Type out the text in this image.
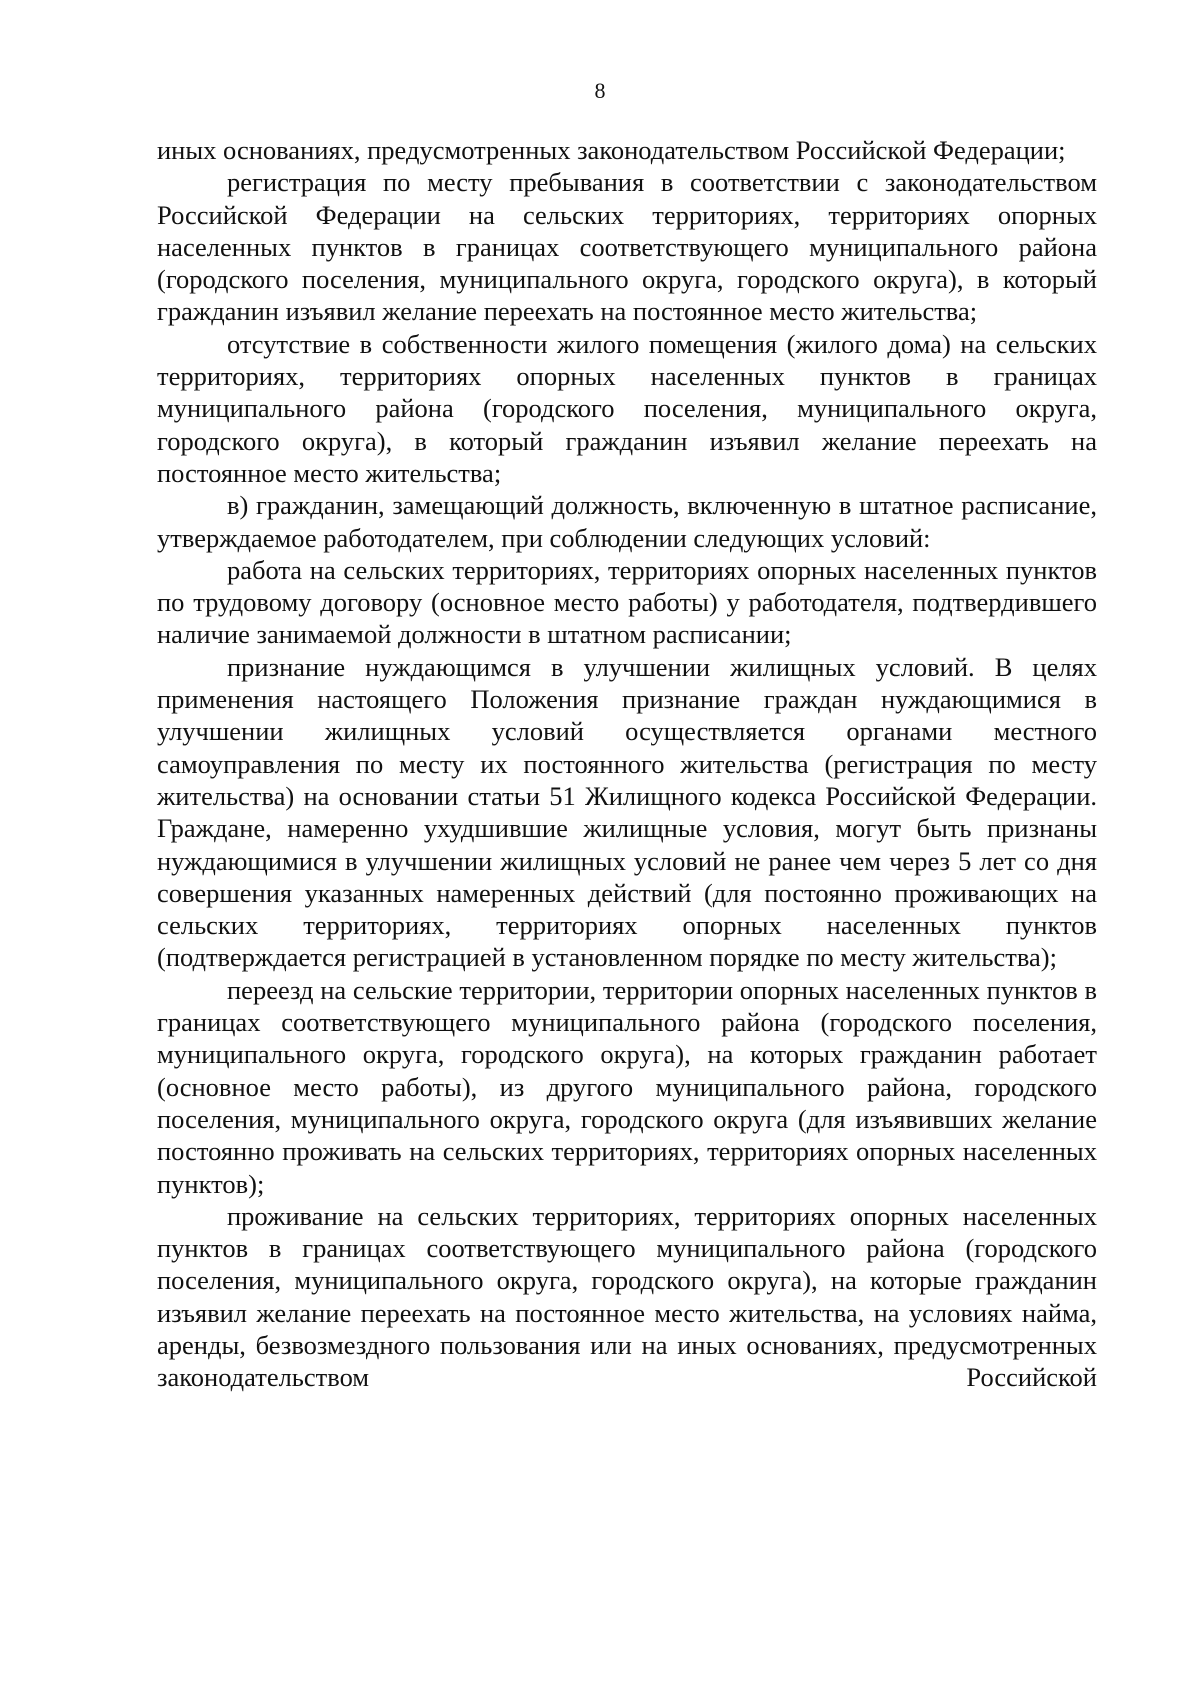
8

иных основаниях, предусмотренных законодательством Российской Федерации;

регистрация по месту пребывания в соответствии с законодательством Российской Федерации на сельских территориях, территориях опорных населенных пунктов в границах соответствующего муниципального района (городского поселения, муниципального округа, городского округа), в который гражданин изъявил желание переехать на постоянное место жительства;

отсутствие в собственности жилого помещения (жилого дома) на сельских территориях, территориях опорных населенных пунктов в границах муниципального района (городского поселения, муниципального округа, городского округа), в который гражданин изъявил желание переехать на постоянное место жительства;

в) гражданин, замещающий должность, включенную в штатное расписание, утверждаемое работодателем, при соблюдении следующих условий:

работа на сельских территориях, территориях опорных населенных пунктов по трудовому договору (основное место работы) у работодателя, подтвердившего наличие занимаемой должности в штатном расписании;

признание нуждающимся в улучшении жилищных условий. В целях применения настоящего Положения признание граждан нуждающимися в улучшении жилищных условий осуществляется органами местного самоуправления по месту их постоянного жительства (регистрация по месту жительства) на основании статьи 51 Жилищного кодекса Российской Федерации. Граждане, намеренно ухудшившие жилищные условия, могут быть признаны нуждающимися в улучшении жилищных условий не ранее чем через 5 лет со дня совершения указанных намеренных действий (для постоянно проживающих на сельских территориях, территориях опорных населенных пунктов (подтверждается регистрацией в установленном порядке по месту жительства);

переезд на сельские территории, территории опорных населенных пунктов в границах соответствующего муниципального района (городского поселения, муниципального округа, городского округа), на которых гражданин работает (основное место работы), из другого муниципального района, городского поселения, муниципального округа, городского округа (для изъявивших желание постоянно проживать на сельских территориях, территориях опорных населенных пунктов);

проживание на сельских территориях, территориях опорных населенных пунктов в границах соответствующего муниципального района (городского поселения, муниципального округа, городского округа), на которые гражданин изъявил желание переехать на постоянное место жительства, на условиях найма, аренды, безвозмездного пользования или на иных основаниях, предусмотренных законодательством Российской
